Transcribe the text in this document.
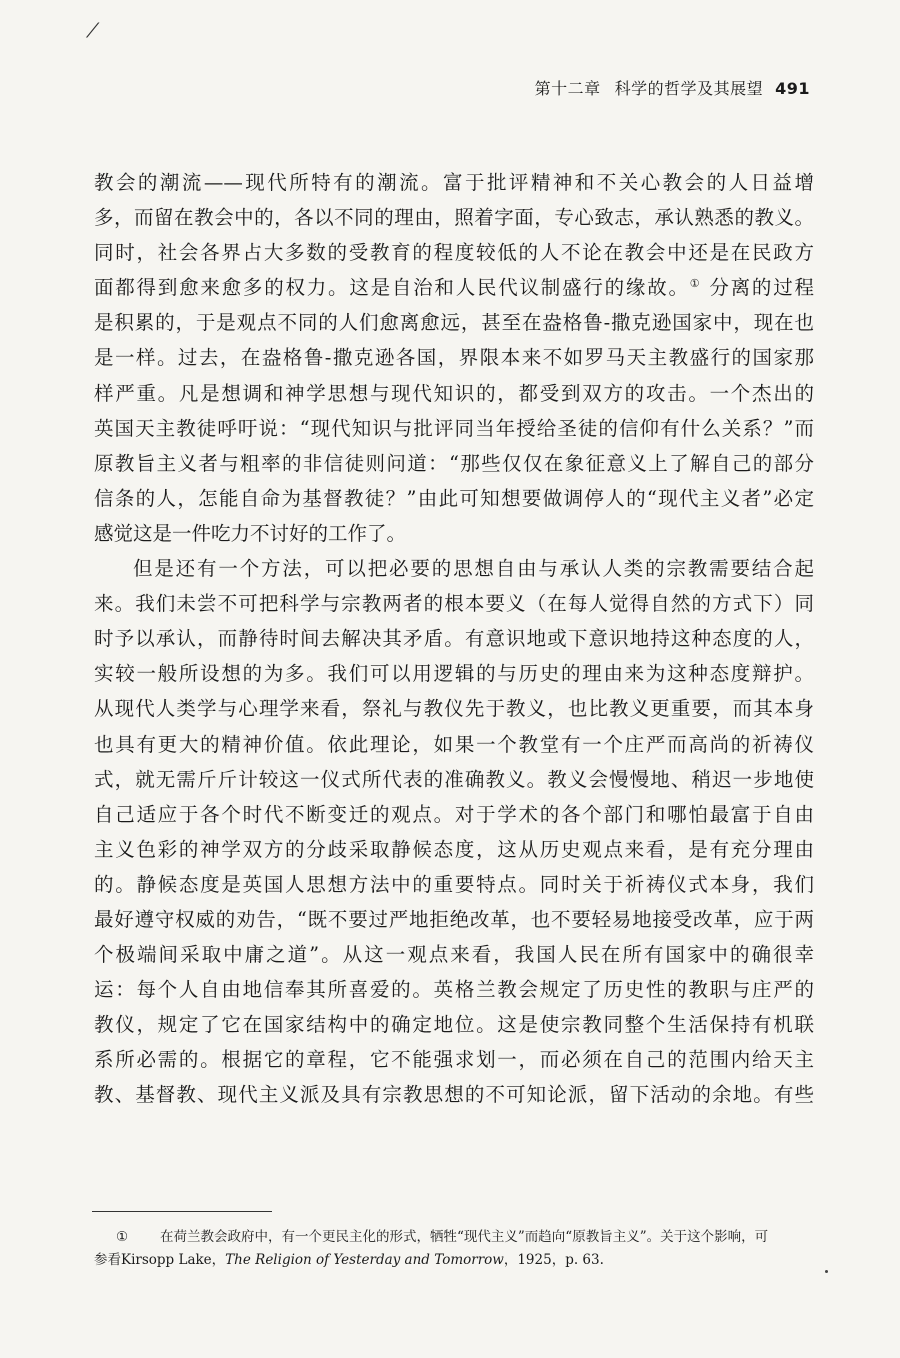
⁄
第十二章 科学的哲学及其展望 491

教会的潮流——现代所特有的潮流。富于批评精神和不关心教会的人日益增
多，而留在教会中的，各以不同的理由，照着字面，专心致志，承认熟悉的教义。
同时，社会各界占大多数的受教育的程度较低的人不论在教会中还是在民政方
面都得到愈来愈多的权力。这是自治和人民代议制盛行的缘故。① 分离的过程
是积累的，于是观点不同的人们愈离愈远，甚至在盎格鲁-撒克逊国家中，现在也
是一样。过去，在盎格鲁-撒克逊各国，界限本来不如罗马天主教盛行的国家那
样严重。凡是想调和神学思想与现代知识的，都受到双方的攻击。一个杰出的
英国天主教徒呼吁说：“现代知识与批评同当年授给圣徒的信仰有什么关系？”而
原教旨主义者与粗率的非信徒则问道：“那些仅仅在象征意义上了解自己的部分
信条的人，怎能自命为基督教徒？”由此可知想要做调停人的“现代主义者”必定
感觉这是一件吃力不讨好的工作了。

但是还有一个方法，可以把必要的思想自由与承认人类的宗教需要结合起
来。我们未尝不可把科学与宗教两者的根本要义（在每人觉得自然的方式下）同
时予以承认，而静待时间去解决其矛盾。有意识地或下意识地持这种态度的人，
实较一般所设想的为多。我们可以用逻辑的与历史的理由来为这种态度辩护。
从现代人类学与心理学来看，祭礼与教仪先于教义，也比教义更重要，而其本身
也具有更大的精神价值。依此理论，如果一个教堂有一个庄严而高尚的祈祷仪
式，就无需斤斤计较这一仪式所代表的准确教义。教义会慢慢地、稍迟一步地使
自己适应于各个时代不断变迁的观点。对于学术的各个部门和哪怕最富于自由
主义色彩的神学双方的分歧采取静候态度，这从历史观点来看，是有充分理由
的。静候态度是英国人思想方法中的重要特点。同时关于祈祷仪式本身，我们
最好遵守权威的劝告，“既不要过严地拒绝改革，也不要轻易地接受改革，应于两
个极端间采取中庸之道”。从这一观点来看，我国人民在所有国家中的确很幸
运：每个人自由地信奉其所喜爱的。英格兰教会规定了历史性的教职与庄严的
教仪，规定了它在国家结构中的确定地位。这是使宗教同整个生活保持有机联
系所必需的。根据它的章程，它不能强求划一，而必须在自己的范围内给天主
教、基督教、现代主义派及具有宗教思想的不可知论派，留下活动的余地。有些

① 在荷兰教会政府中，有一个更民主化的形式，牺牲“现代主义”而趋向“原教旨主义”。关于这个影响，可
参看Kirsopp Lake，The Religion of Yesterday and Tomorrow，1925，p. 63.
